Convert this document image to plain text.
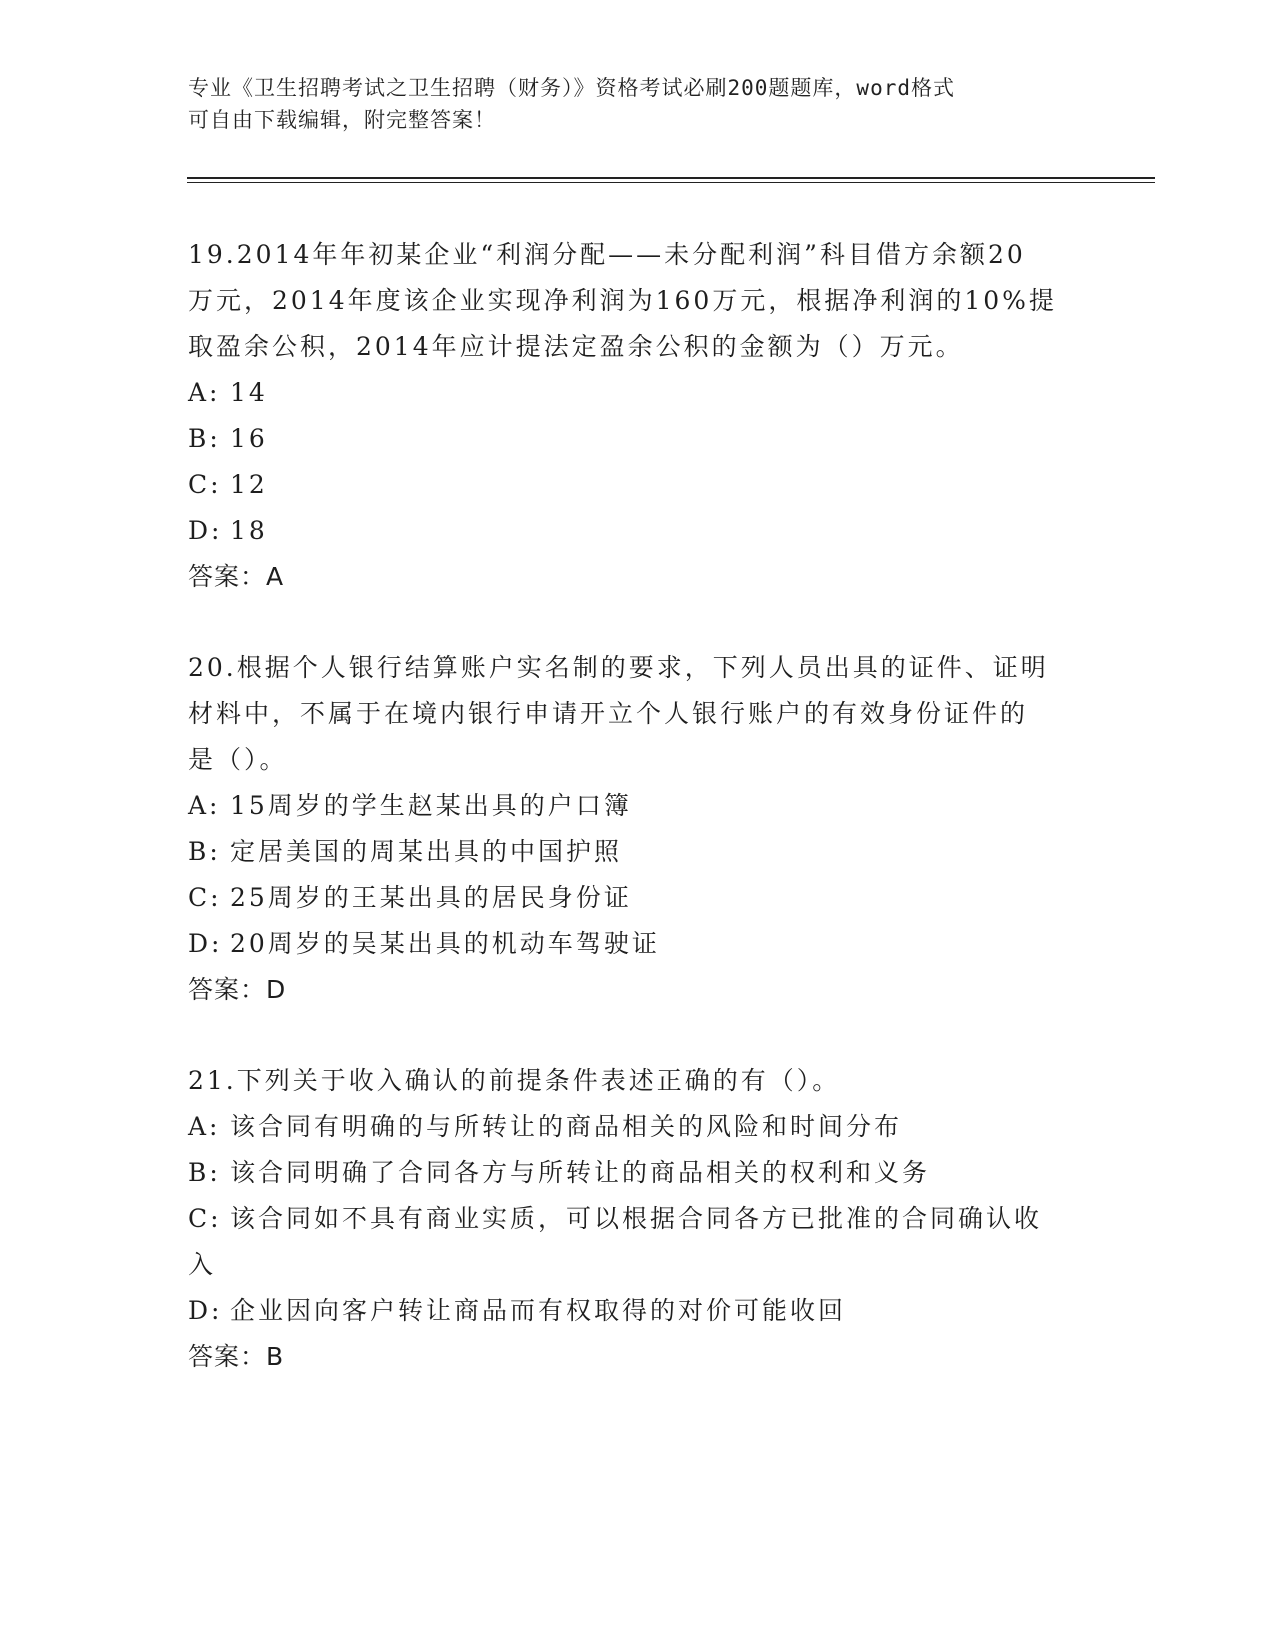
专业《卫生招聘考试之卫生招聘（财务）》资格考试必刷200题题库，word格式
可自由下载编辑，附完整答案！
19.2014年年初某企业“利润分配——未分配利润”科目借方余额20
万元，2014年度该企业实现净利润为160万元，根据净利润的10%提
取盈余公积，2014年应计提法定盈余公积的金额为（）万元。
A: 14
B: 16
C: 12
D: 18
答案：A
20.根据个人银行结算账户实名制的要求，下列人员出具的证件、证明
材料中，不属于在境内银行申请开立个人银行账户的有效身份证件的
是（）。
A: 15周岁的学生赵某出具的户口簿
B: 定居美国的周某出具的中国护照
C: 25周岁的王某出具的居民身份证
D: 20周岁的吴某出具的机动车驾驶证
答案：D
21.下列关于收入确认的前提条件表述正确的有（）。
A: 该合同有明确的与所转让的商品相关的风险和时间分布
B: 该合同明确了合同各方与所转让的商品相关的权利和义务
C: 该合同如不具有商业实质，可以根据合同各方已批准的合同确认收
入
D: 企业因向客户转让商品而有权取得的对价可能收回
答案：B
